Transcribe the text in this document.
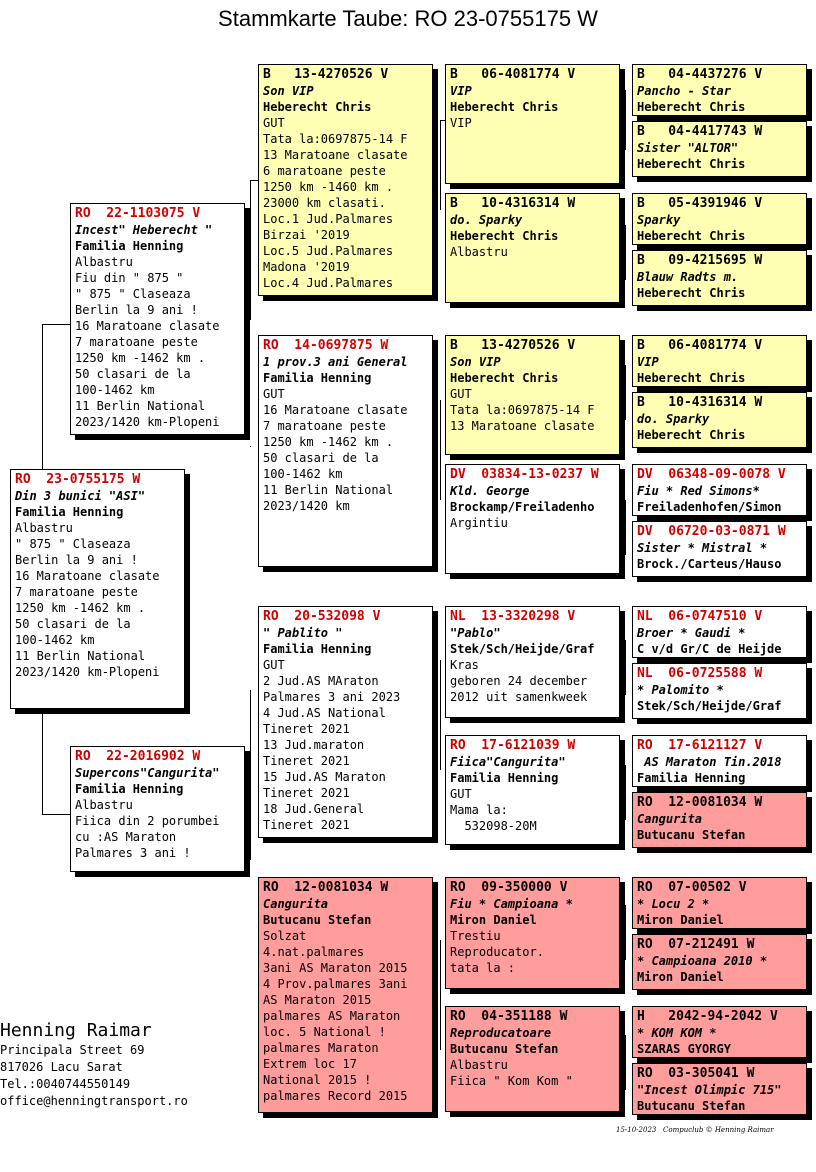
Stammkarte Taube: RO 23-0755175 W
RO  23-0755175 W
Din 3 bunici "ASI"
Familia Henning
Albastru
" 875 " Claseaza
Berlin la 9 ani !
16 Maratoane clasate
7 maratoane peste
1250 km -1462 km .
50 clasari de la
100-1462 km
11 Berlin National
2023/1420 km-Plopeni
RO  22-1103075 V
Incest" Heberecht "
Familia Henning
Albastru
Fiu din " 875 "
" 875 " Claseaza
Berlin la 9 ani !
16 Maratoane clasate
7 maratoane peste
1250 km -1462 km .
50 clasari de la
100-1462 km
11 Berlin National
2023/1420 km-Plopeni
RO  22-2016902 W
Supercons"Cangurita"
Familia Henning
Albastru
Fiica din 2 porumbei
cu :AS Maraton
Palmares 3 ani !
B   13-4270526 V
Son VIP
Heberecht Chris
GUT
Tata la:0697875-14 F
13 Maratoane clasate
6 maratoane peste
1250 km -1460 km .
23000 km clasati.
Loc.1 Jud.Palmares
Birzai '2019
Loc.5 Jud.Palmares
Madona '2019
Loc.4 Jud.Palmares
RO  14-0697875 W
1 prov.3 ani General
Familia Henning
GUT
16 Maratoane clasate
7 maratoane peste
1250 km -1462 km .
50 clasari de la
100-1462 km
11 Berlin National
2023/1420 km
RO  20-532098 V
" Pablito "
Familia Henning
GUT
2 Jud.AS MAraton
Palmares 3 ani 2023
4 Jud.AS National
Tineret 2021
13 Jud.maraton
Tineret 2021
15 Jud.AS Maraton
Tineret 2021
18 Jud.General
Tineret 2021
RO  12-0081034 W
Cangurita
Butucanu Stefan
Solzat
4.nat.palmares
3ani AS Maraton 2015
4 Prov.palmares 3ani
AS Maraton 2015
palmares AS Maraton
loc. 5 National !
palmares Maraton
Extrem loc 17
National 2015 !
palmares Record 2015
B   06-4081774 V
VIP
Heberecht Chris
VIP
B   10-4316314 W
do. Sparky
Heberecht Chris
Albastru
B   13-4270526 V
Son VIP
Heberecht Chris
GUT
Tata la:0697875-14 F
13 Maratoane clasate
DV  03834-13-0237 W
Kld. George
Brockamp/Freiladenho
Argintiu
NL  13-3320298 V
"Pablo"
Stek/Sch/Heijde/Graf
Kras
geboren 24 december
2012 uit samenkweek
RO  17-6121039 W
Fiica"Cangurita"
Familia Henning
GUT
Mama la:
532098-20M
RO  09-350000 V
Fiu * Campioana *
Miron Daniel
Trestiu
Reproducator.
tata la :
RO  04-351188 W
Reproducatoare
Butucanu Stefan
Albastru
Fiica " Kom Kom "
B   04-4437276 V
Pancho - Star
Heberecht Chris
B   04-4417743 W
Sister "ALTOR"
Heberecht Chris
B   05-4391946 V
Sparky
Heberecht Chris
B   09-4215695 W
Blauw Radts m.
Heberecht Chris
B   06-4081774 V
VIP
Heberecht Chris
B   10-4316314 W
do. Sparky
Heberecht Chris
DV  06348-09-0078 V
Fiu * Red Simons*
Freiladenhofen/Simon
DV  06720-03-0871 W
Sister * Mistral *
Brock./Carteus/Hauso
NL  06-0747510 V
Broer * Gaudi *
C v/d Gr/C de Heijde
NL  06-0725588 W
* Palomito *
Stek/Sch/Heijde/Graf
RO  17-6121127 V
AS Maraton Tin.2018
Familia Henning
RO  12-0081034 W
Cangurita
Butucanu Stefan
RO  07-00502 V
* Locu 2 *
Miron Daniel
RO  07-212491 W
* Campioana 2010 *
Miron Daniel
H   2042-94-2042 V
* KOM KOM *
SZARAS GYORGY
RO  03-305041 W
"Incest Olimpic 715"
Butucanu Stefan
Henning Raimar
Principala Street 69
817026 Lacu Sarat
Tel.:0040744550149
office@henningtransport.ro
15-10-2023   Compuclub © Henning Raimar
